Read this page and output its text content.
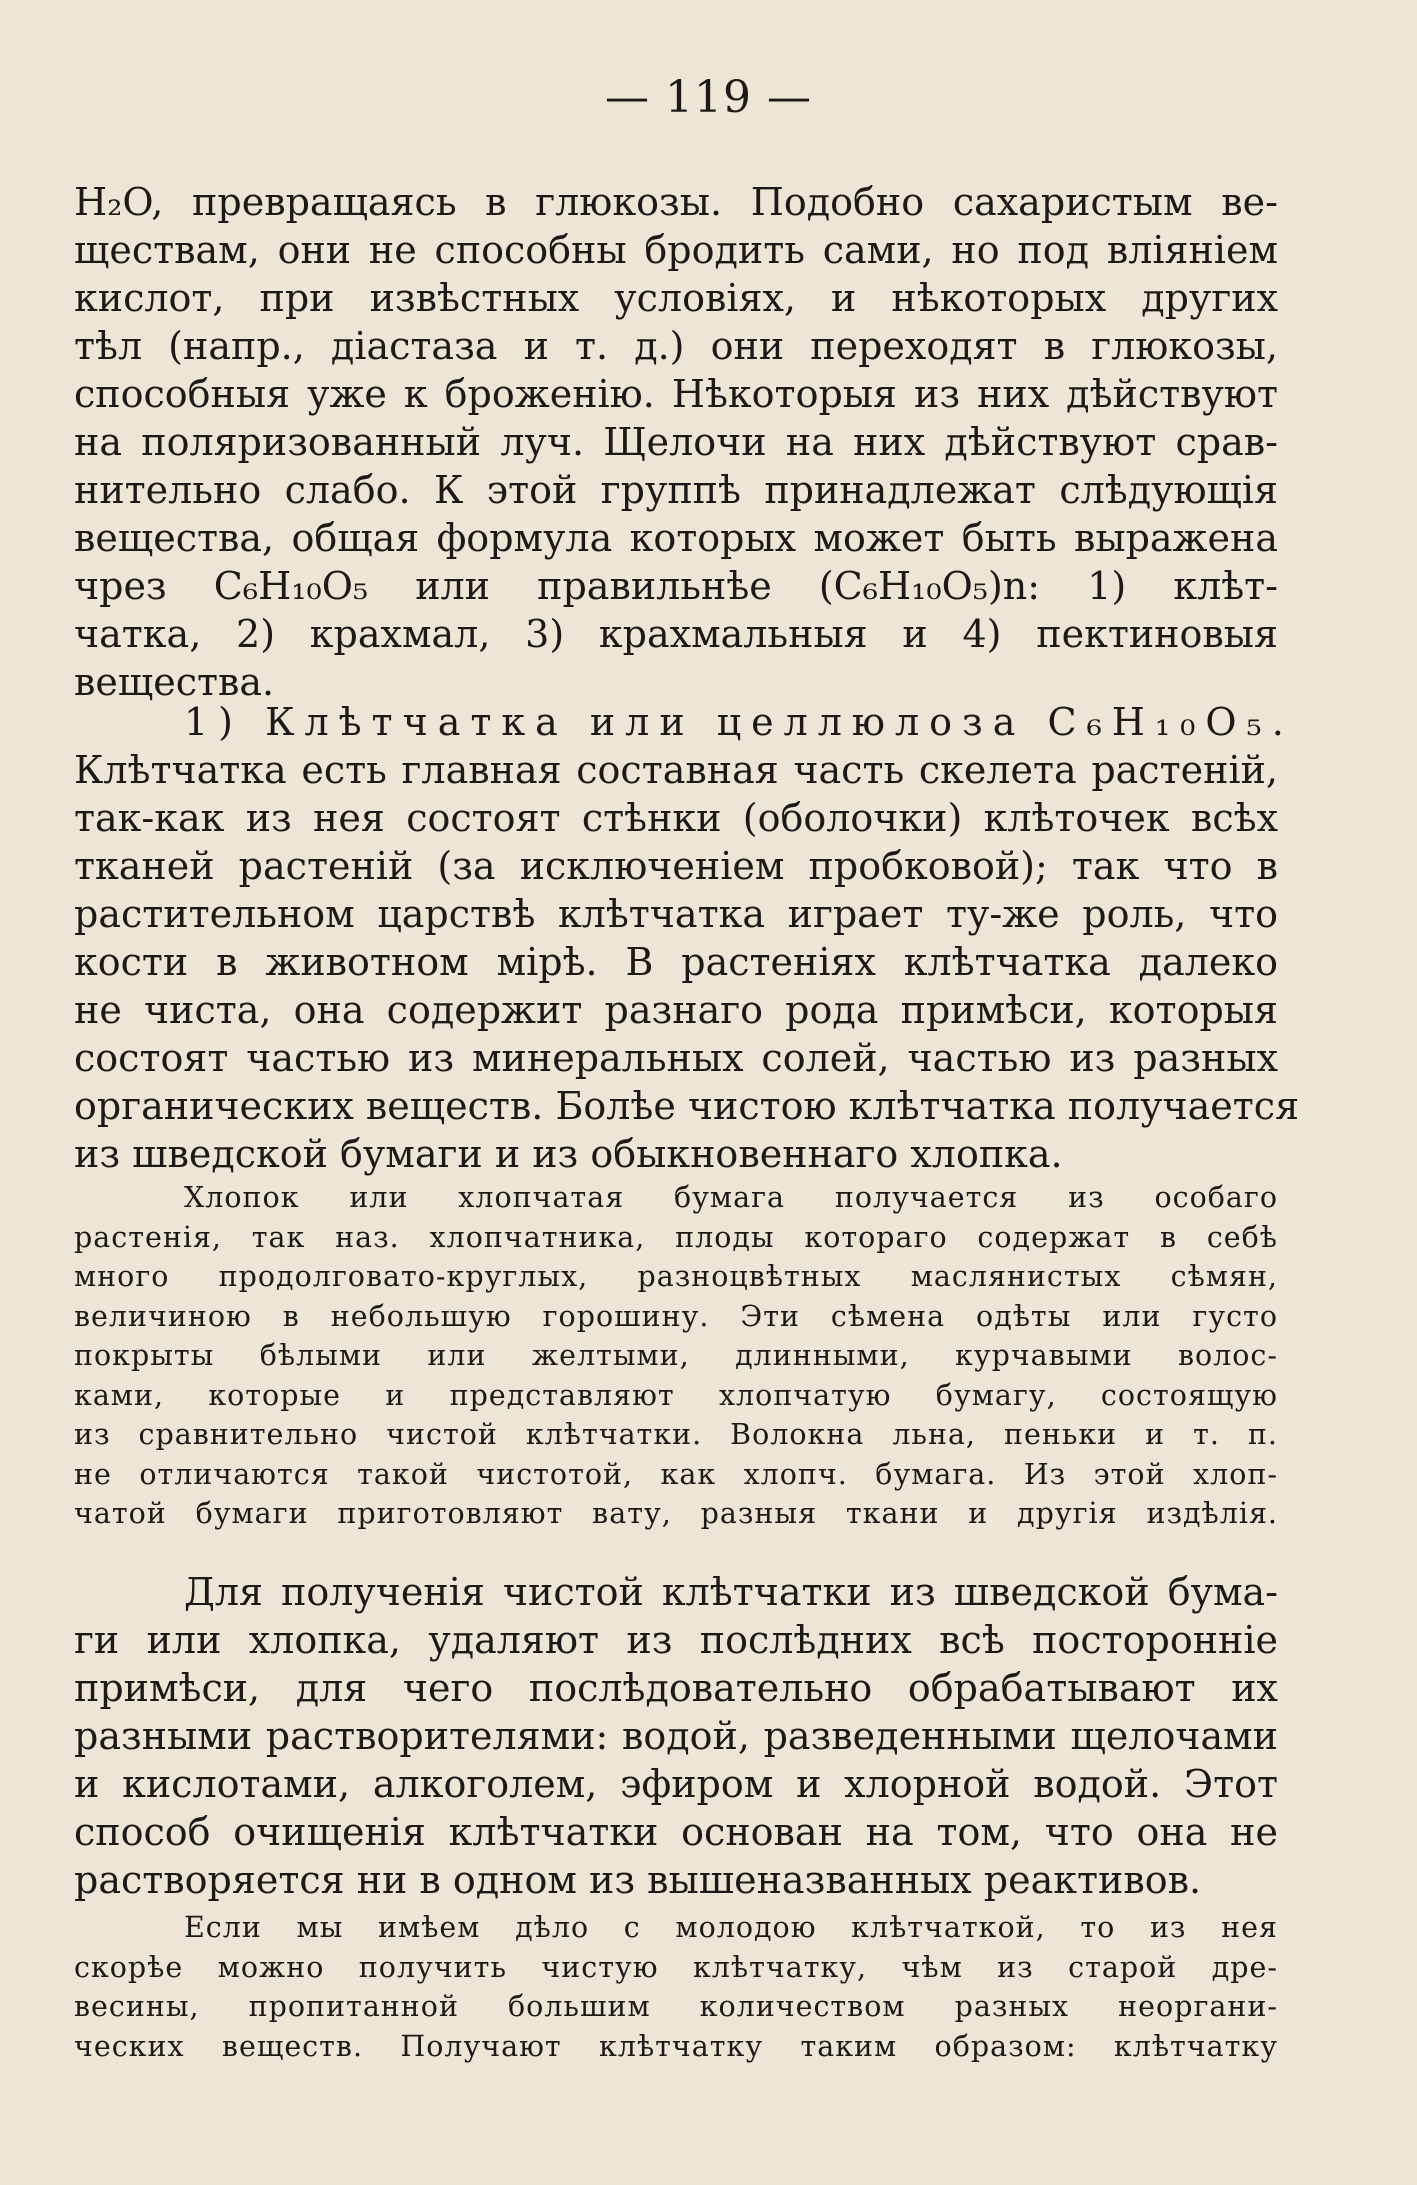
— 119 —
H₂O, превращаясь в глюкозы. Подобно сахаристым ве-
ществам, они не способны бродить сами, но под вліяніем
кислот, при извѣстных условіях, и нѣкоторых других
тѣл (напр., діастаза и т. д.) они переходят в глюкозы,
способныя уже к броженію. Нѣкоторыя из них дѣйствуют
на поляризованный луч. Щелочи на них дѣйствуют срав-
нительно слабо. К этой группѣ принадлежат слѣдующія
вещества, общая формула которых может быть выражена
чрез C₆H₁₀O₅ или правильнѣе (C₆H₁₀O₅)n: 1) клѣт-
чатка, 2) крахмал, 3) крахмальныя и 4) пектиновыя
вещества.
1) Клѣтчатка или целлюлоза C₆H₁₀O₅.
Клѣтчатка есть главная составная часть скелета растеній,
так-как из нея состоят стѣнки (оболочки) клѣточек всѣх
тканей растеній (за исключеніем пробковой); так что в
растительном царствѣ клѣтчатка играет ту-же роль, что
кости в животном мірѣ. В растеніях клѣтчатка далеко
не чиста, она содержит разнаго рода примѣси, которыя
состоят частью из минеральных солей, частью из разных
органических веществ. Болѣе чистою клѣтчатка получается
из шведской бумаги и из обыкновеннаго хлопка.
Хлопок или хлопчатая бумага получается из особаго
растенія, так наз. хлопчатника, плоды котораго содержат в себѣ
много продолговато-круглых, разноцвѣтных маслянистых сѣмян,
величиною в небольшую горошину. Эти сѣмена одѣты или густо
покрыты бѣлыми или желтыми, длинными, курчавыми волос-
ками, которые и представляют хлопчатую бумагу, состоящую
из сравнительно чистой клѣтчатки. Волокна льна, пеньки и т. п.
не отличаются такой чистотой, как хлопч. бумага. Из этой хлоп-
чатой бумаги приготовляют вату, разныя ткани и другія издѣлія.
Для полученія чистой клѣтчатки из шведской бума-
ги или хлопка, удаляют из послѣдних всѣ посторонніе
примѣси, для чего послѣдовательно обрабатывают их
разными растворителями: водой, разведенными щелочами
и кислотами, алкоголем, эфиром и хлорной водой. Этот
способ очищенія клѣтчатки основан на том, что она не
растворяется ни в одном из вышеназванных реактивов.
Если мы имѣем дѣло с молодою клѣтчаткой, то из нея
скорѣе можно получить чистую клѣтчатку, чѣм из старой дре-
весины, пропитанной большим количеством разных неоргани-
ческих веществ. Получают клѣтчатку таким образом: клѣтчатку
